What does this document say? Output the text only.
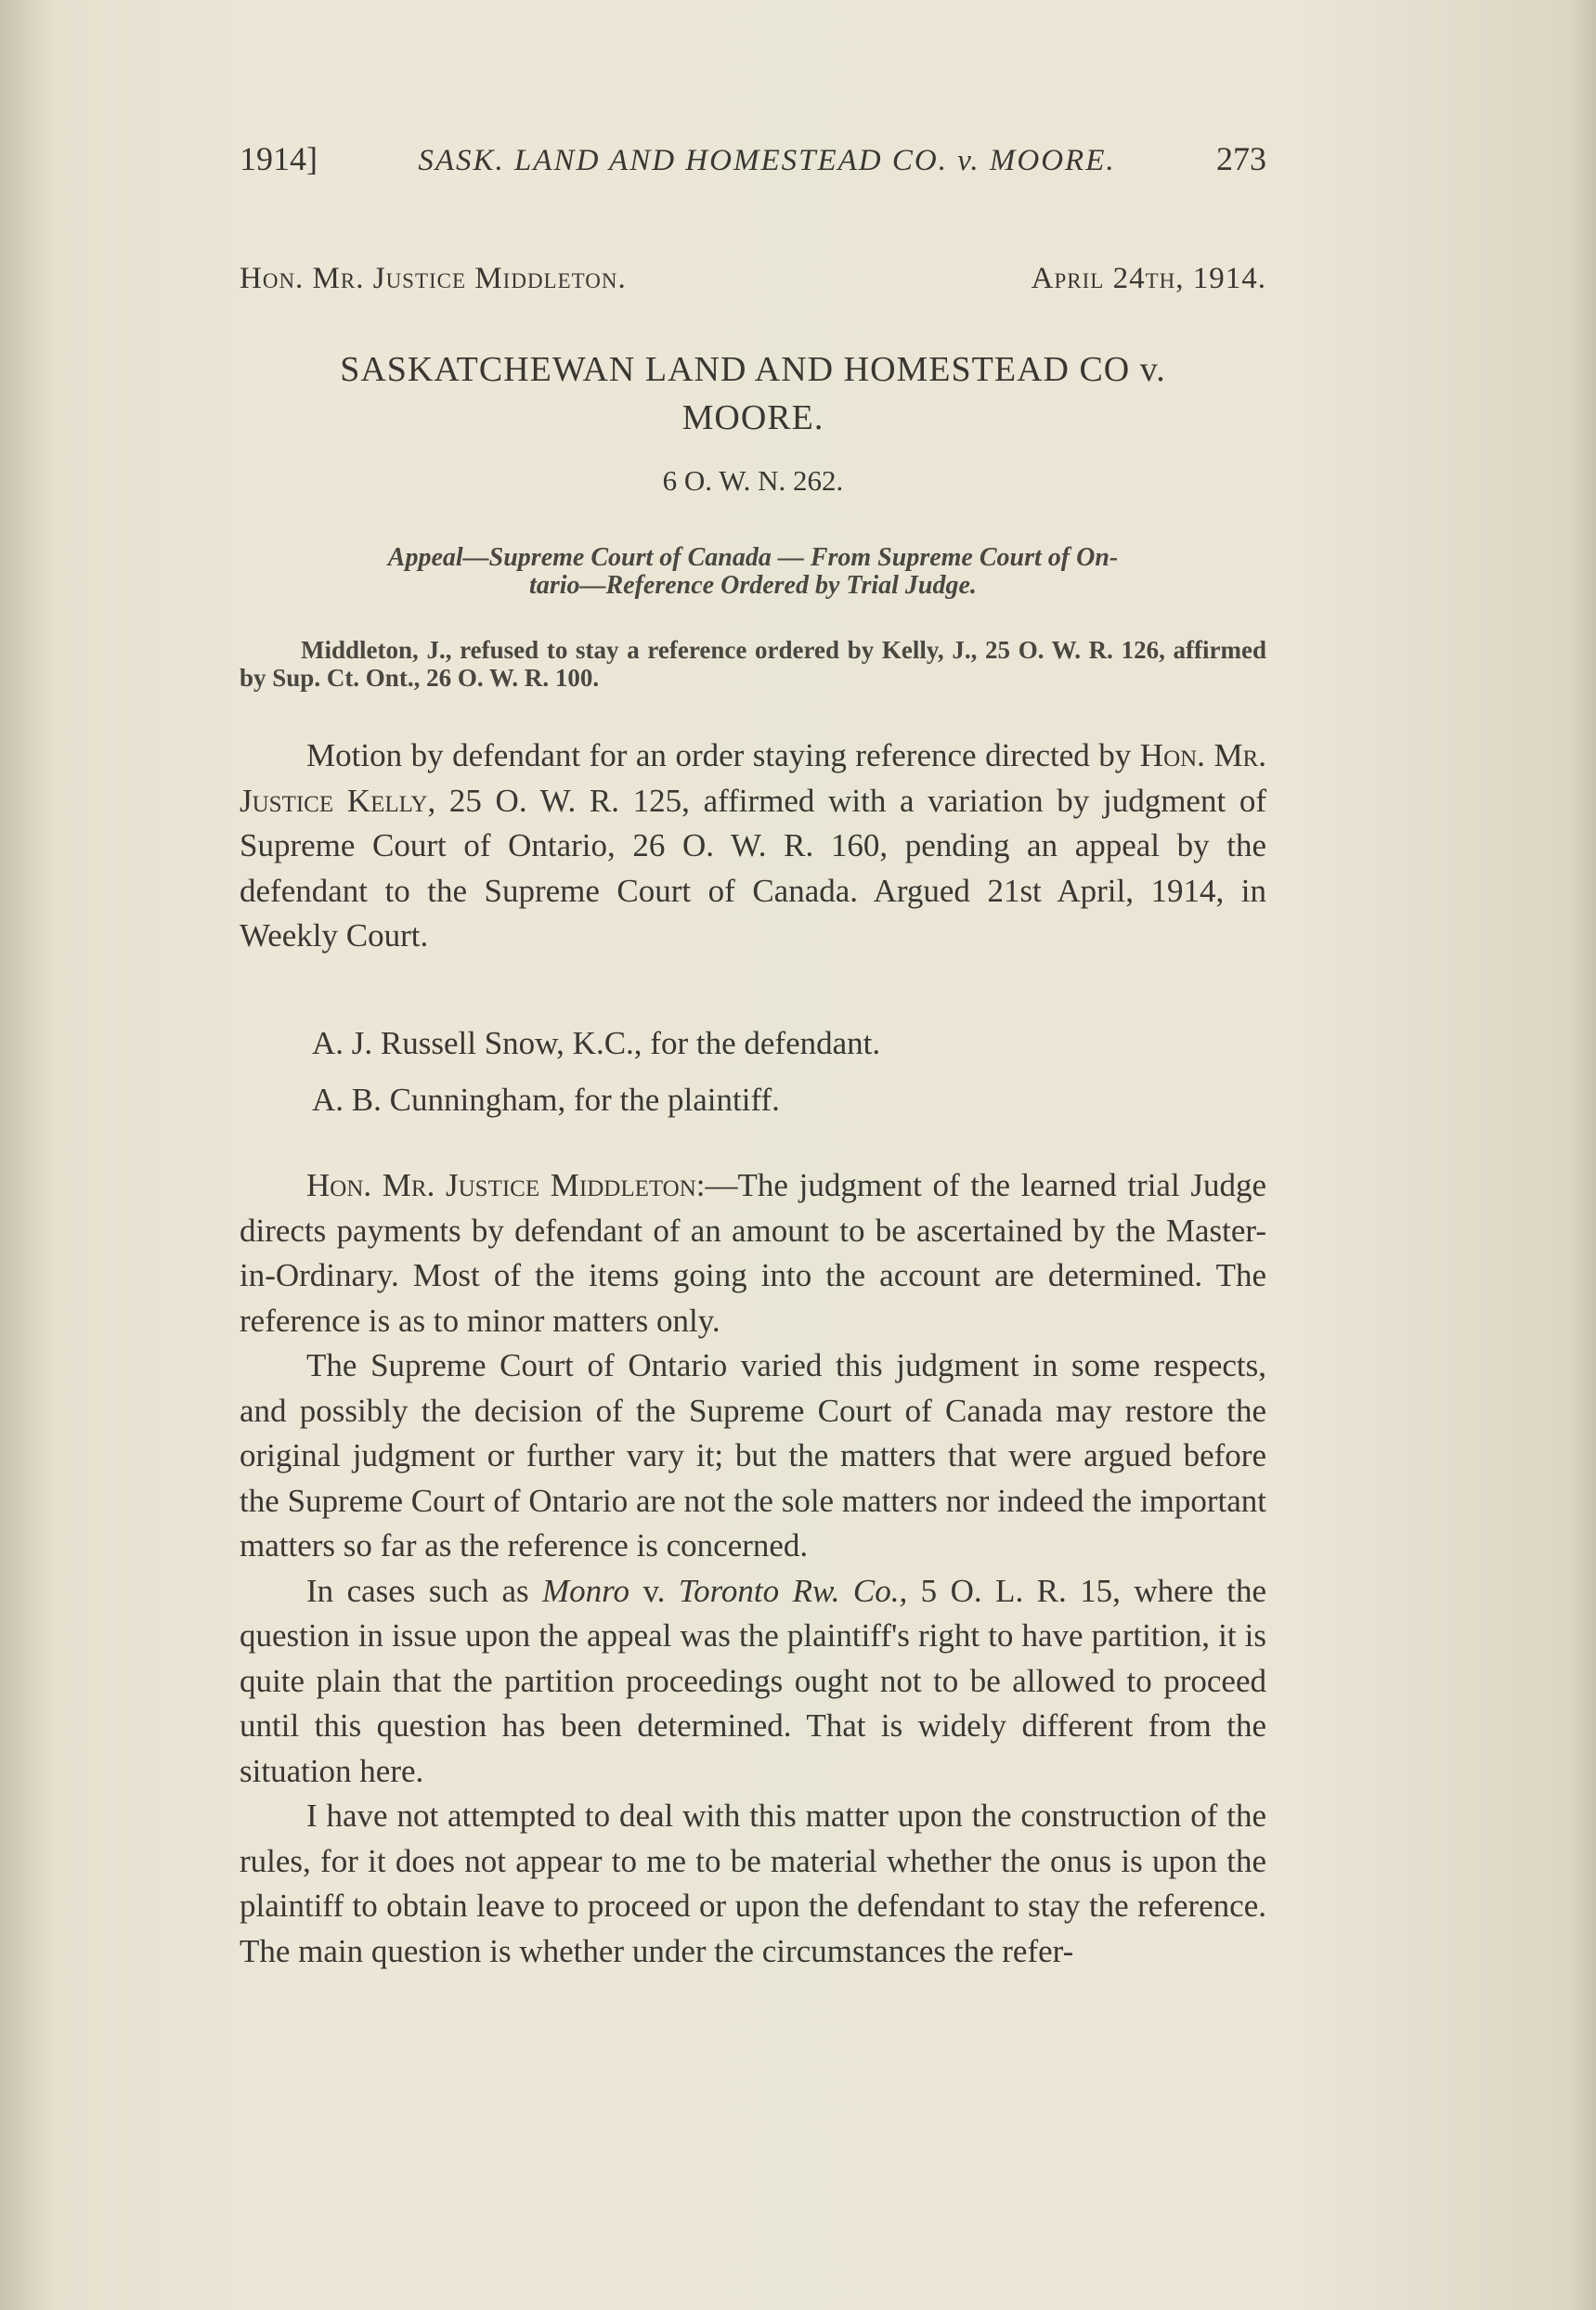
1914]	SASK. LAND AND HOMESTEAD CO. v. MOORE.	273
Hon. Mr. Justice Middleton.	April 24th, 1914.
SASKATCHEWAN LAND AND HOMESTEAD CO v.
MOORE.
6 O. W. N. 262.
Appeal—Supreme Court of Canada — From Supreme Court of On-
tario—Reference Ordered by Trial Judge.
Middleton, J., refused to stay a reference ordered by Kelly, J., 25 O. W. R. 126, affirmed by Sup. Ct. Ont., 26 O. W. R. 100.

Motion by defendant for an order staying reference directed by Hon. Mr. Justice Kelly, 25 O. W. R. 125, affirmed with a variation by judgment of Supreme Court of Ontario, 26 O. W. R. 160, pending an appeal by the defendant to the Supreme Court of Canada. Argued 21st April, 1914, in Weekly Court.

A. J. Russell Snow, K.C., for the defendant.

A. B. Cunningham, for the plaintiff.

Hon. Mr. Justice Middleton:—The judgment of the learned trial Judge directs payments by defendant of an amount to be ascertained by the Master-in-Ordinary. Most of the items going into the account are determined. The reference is as to minor matters only.

The Supreme Court of Ontario varied this judgment in some respects, and possibly the decision of the Supreme Court of Canada may restore the original judgment or further vary it; but the matters that were argued before the Supreme Court of Ontario are not the sole matters nor indeed the important matters so far as the reference is concerned.

In cases such as Monro v. Toronto Rw. Co., 5 O. L. R. 15, where the question in issue upon the appeal was the plaintiff's right to have partition, it is quite plain that the partition proceedings ought not to be allowed to proceed until this question has been determined. That is widely different from the situation here.

I have not attempted to deal with this matter upon the construction of the rules, for it does not appear to me to be material whether the onus is upon the plaintiff to obtain leave to proceed or upon the defendant to stay the reference. The main question is whether under the circumstances the refer-
